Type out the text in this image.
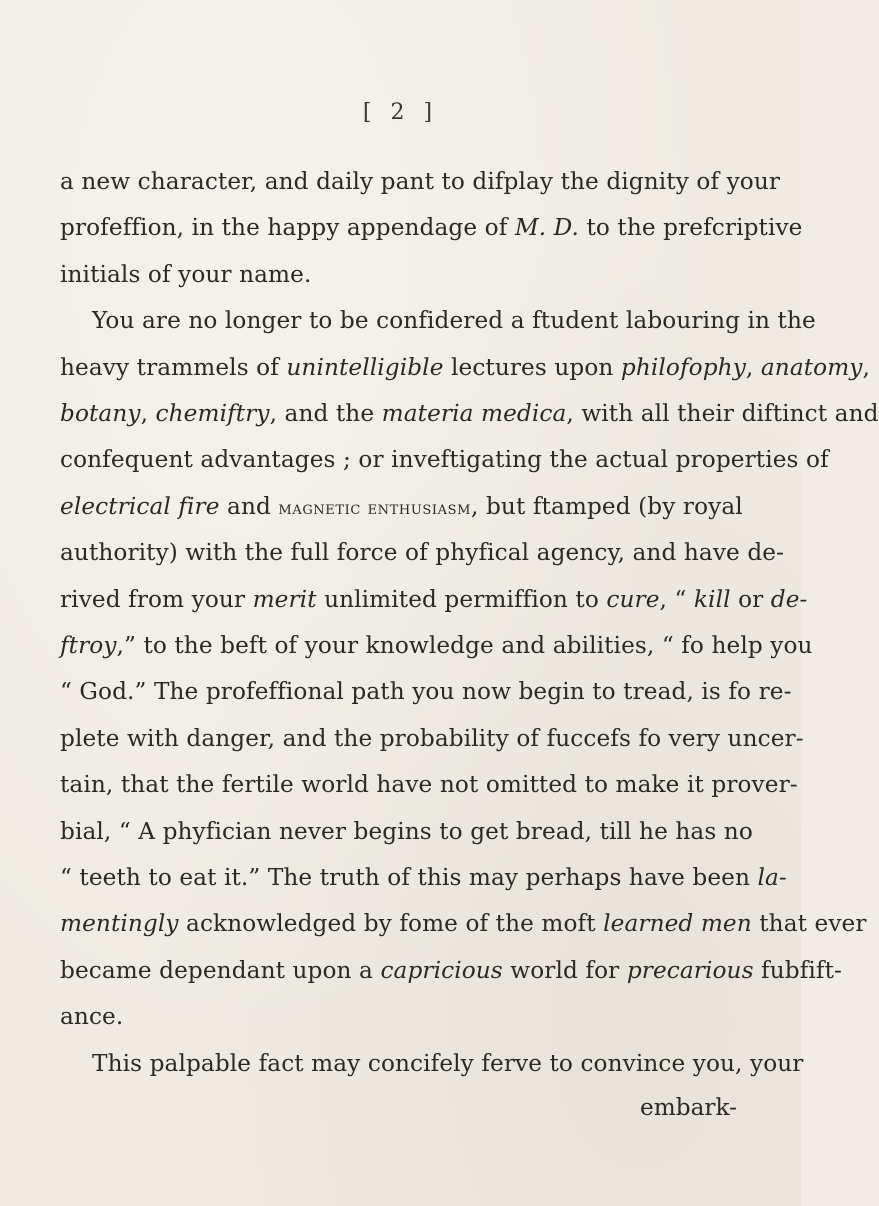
[ 2 ]
a new character, and daily pant to difplay the dignity of your
profeffion, in the happy appendage of M. D. to the prefcriptive
initials of your name.
You are no longer to be confidered a ftudent labouring in the
heavy trammels of unintelligible lectures upon philofophy, anatomy,
botany, chemiftry, and the materia medica, with all their diftinct and
confequent advantages ; or inveftigating the actual properties of
electrical fire and magnetic enthusiasm, but ftamped (by royal
authority) with the full force of phyfical agency, and have de-
rived from your merit unlimited permiffion to cure, “ kill or de-
ftroy,” to the beft of your knowledge and abilities, “ fo help you
“ God.” The profeffional path you now begin to tread, is fo re-
plete with danger, and the probability of fuccefs fo very uncer-
tain, that the fertile world have not omitted to make it prover-
bial, “ A phyfician never begins to get bread, till he has no
“ teeth to eat it.” The truth of this may perhaps have been la-
mentingly acknowledged by fome of the moft learned men that ever
became dependant upon a capricious world for precarious fubfift-
ance.
This palpable fact may concifely ferve to convince you, your
embark-
